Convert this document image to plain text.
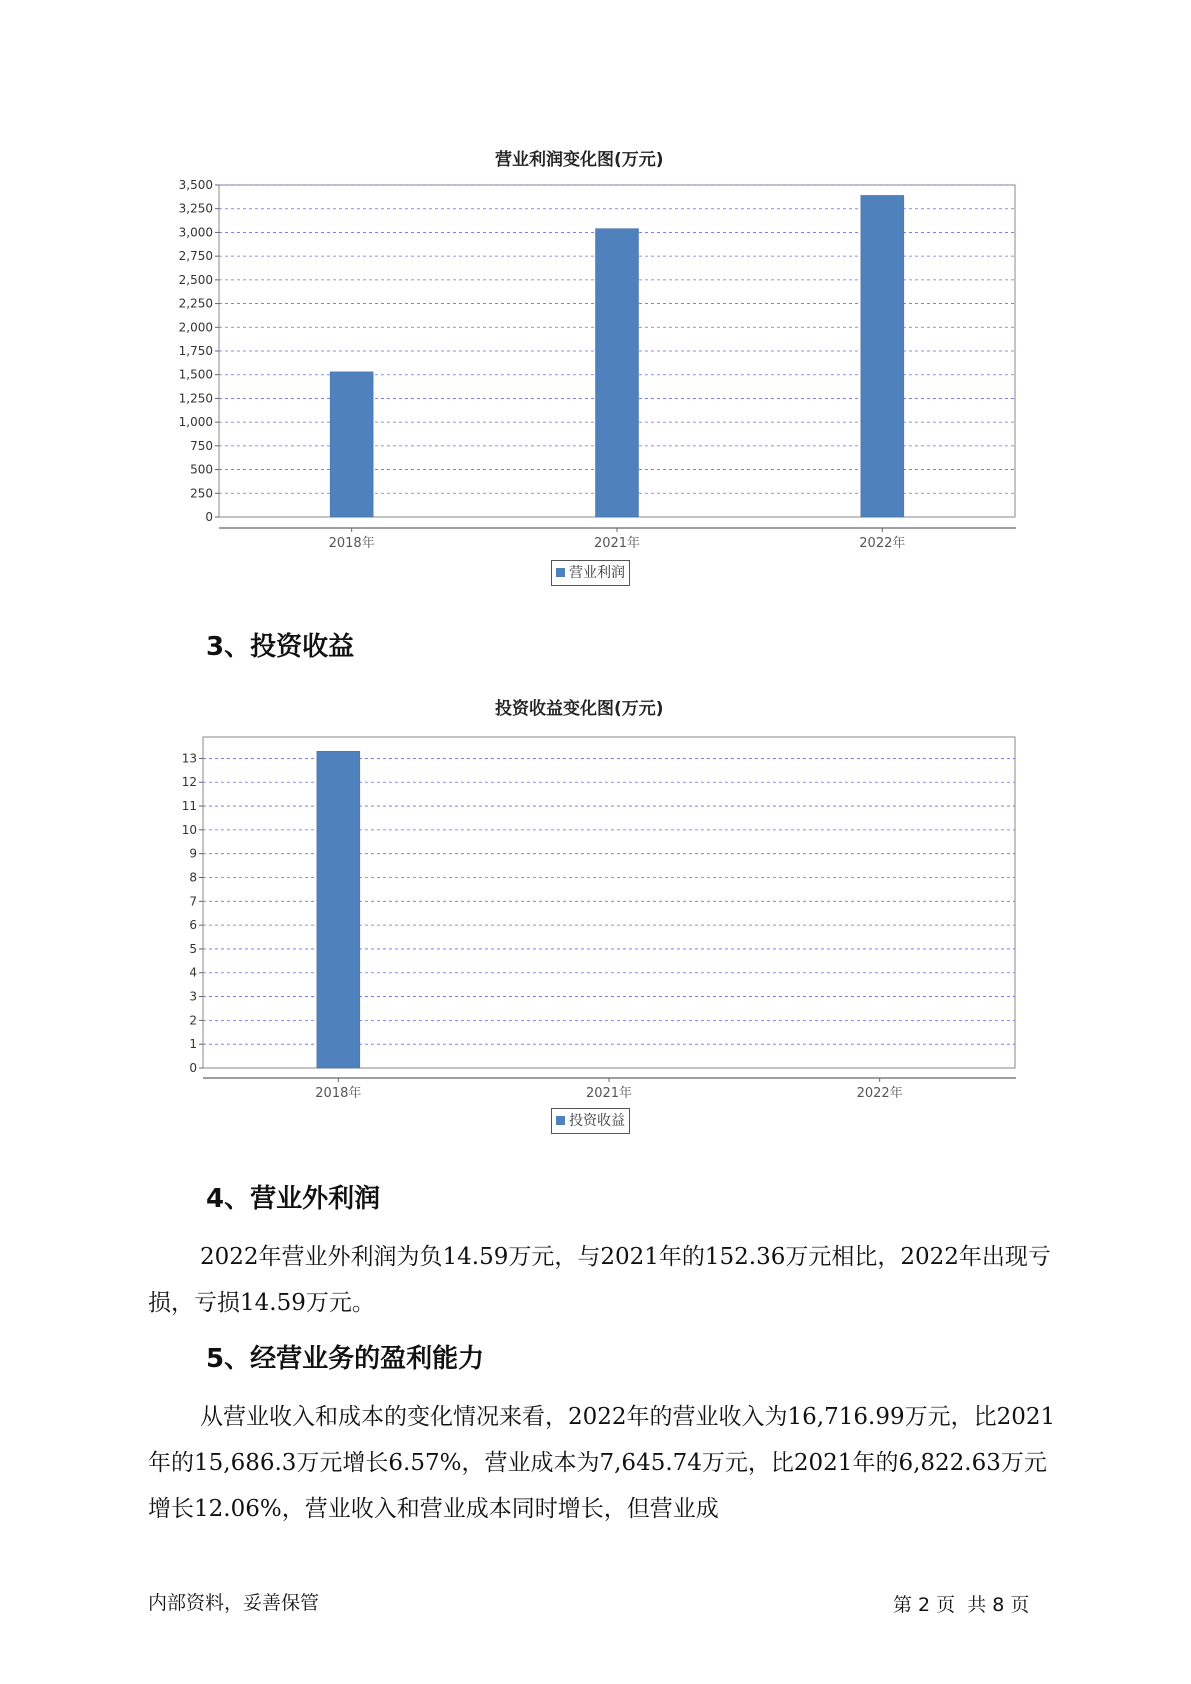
营业利润变化图(万元)
0
250
500
750
1,000
1,250
1,500
1,750
2,000
2,250
2,500
2,750
3,000
3,250
3,500
2018年	2021年	2022年
营业利润
3、投资收益
投资收益变化图(万元)
0
1
2
3
4
5
6
7
8
9
10
11
12
13
2018年	2021年	2022年
投资收益
4、营业外利润

2022年营业外利润为负14.59万元，与2021年的152.36万元相比，2022年出现亏损，亏损14.59万元。

5、经营业务的盈利能力

从营业收入和成本的变化情况来看，2022年的营业收入为16,716.99万元，比2021年的15,686.3万元增长6.57%，营业成本为7,645.74万元，比2021年的6,822.63万元增长12.06%，营业收入和营业成本同时增长，但营业成

内部资料，妥善保管	第 2 页  共 8 页
